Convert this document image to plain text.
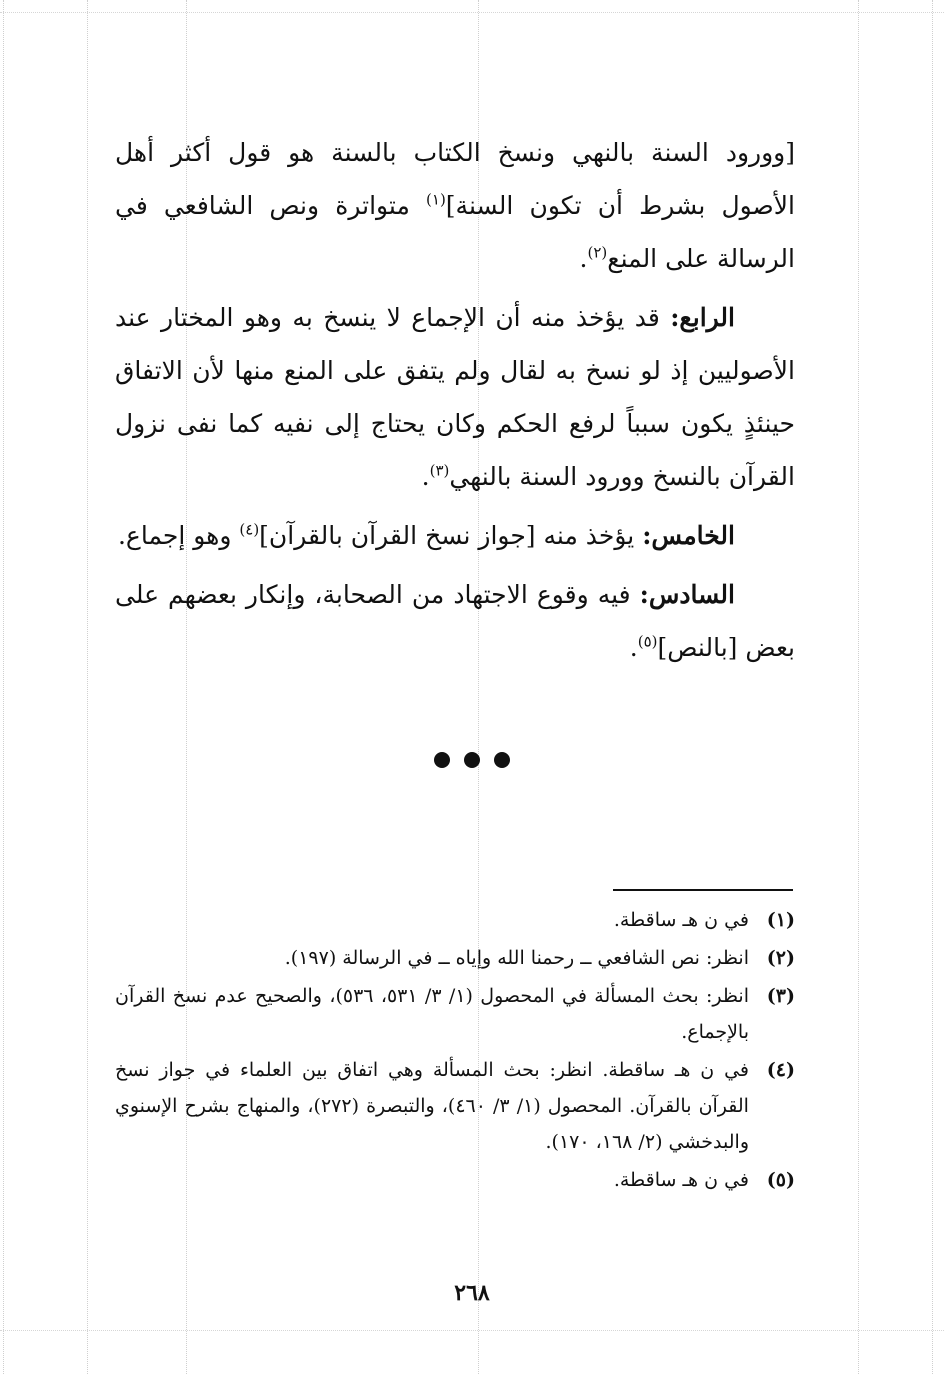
[وورود السنة بالنهي ونسخ الكتاب بالسنة هو قول أكثر أهل الأصول بشرط أن تكون السنة]$^{(١)}$ متواترة ونص الشافعي في الرسالة على المنع$^{(٢)}$.

الرابع: قد يؤخذ منه أن الإجماع لا ينسخ به وهو المختار عند الأصوليين إذ لو نسخ به لقال ولم يتفق على المنع منها لأن الاتفاق حينئذٍ يكون سبباً لرفع الحكم وكان يحتاج إلى نفيه كما نفى نزول القرآن بالنسخ وورود السنة بالنهي$^{(٣)}$.

الخامس: يؤخذ منه [جواز نسخ القرآن بالقرآن]$^{(٤)}$ وهو إجماع.

السادس: فيه وقوع الاجتهاد من الصحابة، وإنكار بعضهم على بعض [بالنص]$^{(٥)}$.

(١)
في ن هـ ساقطة.
(٢)
انظر: نص الشافعي ــ رحمنا الله وإياه ــ في الرسالة (١٩٧).
(٣)
انظر: بحث المسألة في المحصول (١/ ٣/ ٥٣١، ٥٣٦)، والصحيح عدم نسخ القرآن بالإجماع.
(٤)
في ن هـ ساقطة. انظر: بحث المسألة وهي اتفاق بين العلماء في جواز نسخ القرآن بالقرآن. المحصول (١/ ٣/ ٤٦٠)، والتبصرة (٢٧٢)، والمنهاج بشرح الإسنوي والبدخشي (٢/ ١٦٨، ١٧٠).
(٥)
في ن هـ ساقطة.
٢٦٨
